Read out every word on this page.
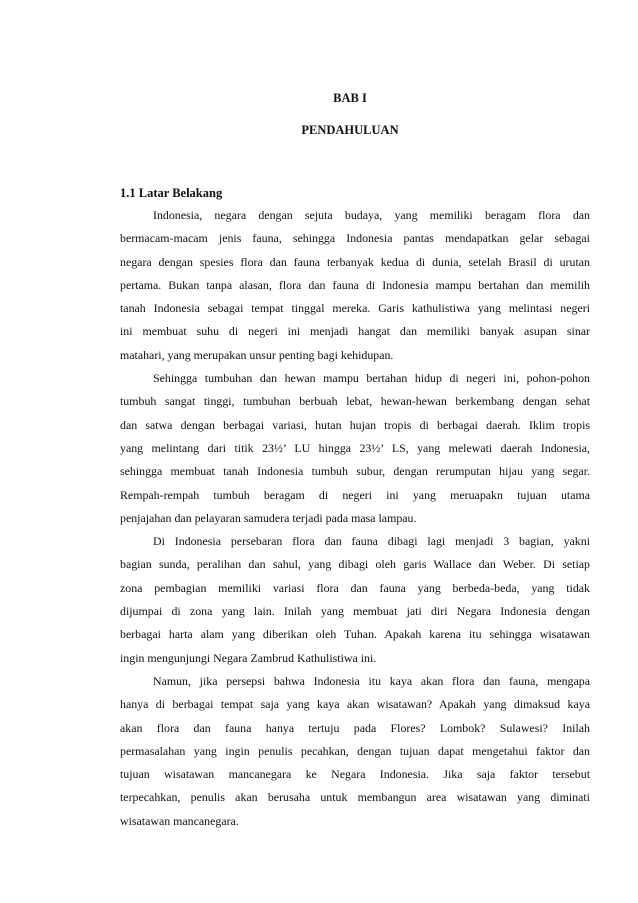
BAB I
PENDAHULUAN
1.1 Latar Belakang
Indonesia, negara dengan sejuta budaya, yang memiliki beragam flora dan
bermacam-macam jenis fauna, sehingga Indonesia pantas mendapatkan gelar sebagai
negara dengan spesies flora dan fauna terbanyak kedua di dunia, setelah Brasil di urutan
pertama. Bukan tanpa alasan, flora dan fauna di Indonesia mampu bertahan dan memilih
tanah Indonesia sebagai tempat tinggal mereka. Garis kathulistiwa yang melintasi negeri
ini membuat suhu di negeri ini menjadi hangat dan memiliki banyak asupan sinar
matahari, yang merupakan unsur penting bagi kehidupan.
Sehingga tumbuhan dan hewan mampu bertahan hidup di negeri ini, pohon-pohon
tumbuh sangat tinggi, tumbuhan berbuah lebat, hewan-hewan berkembang dengan sehat
dan satwa dengan berbagai variasi, hutan hujan tropis di berbagai daerah. Iklim tropis
yang melintang dari titik 23½’ LU hingga 23½’ LS, yang melewati daerah Indonesia,
sehingga membuat tanah Indonesia tumbuh subur, dengan rerumputan hijau yang segar.
Rempah-rempah tumbuh beragam di negeri ini yang meruapakn tujuan utama
penjajahan dan pelayaran samudera terjadi pada masa lampau.
Di Indonesia persebaran flora dan fauna dibagi lagi menjadi 3 bagian, yakni
bagian sunda, peralihan dan sahul, yang dibagi oleh garis Wallace dan Weber. Di setiap
zona pembagian memiliki variasi flora dan fauna yang berbeda-beda, yang tidak
dijumpai di zona yang lain. Inilah yang membuat jati diri Negara Indonesia dengan
berbagai harta alam yang diberikan oleh Tuhan. Apakah karena itu sehingga wisatawan
ingin mengunjungi Negara Zambrud Kathulistiwa ini.
Namun, jika persepsi bahwa Indonesia itu kaya akan flora dan fauna, mengapa
hanya di berbagai tempat saja yang kaya akan wisatawan? Apakah yang dimaksud kaya
akan flora dan fauna hanya tertuju pada Flores? Lombok? Sulawesi? Inilah
permasalahan yang ingin penulis pecahkan, dengan tujuan dapat mengetahui faktor dan
tujuan wisatawan mancanegara ke Negara Indonesia. Jika saja faktor tersebut
terpecahkan, penulis akan berusaha untuk membangun area wisatawan yang diminati
wisatawan mancanegara.
